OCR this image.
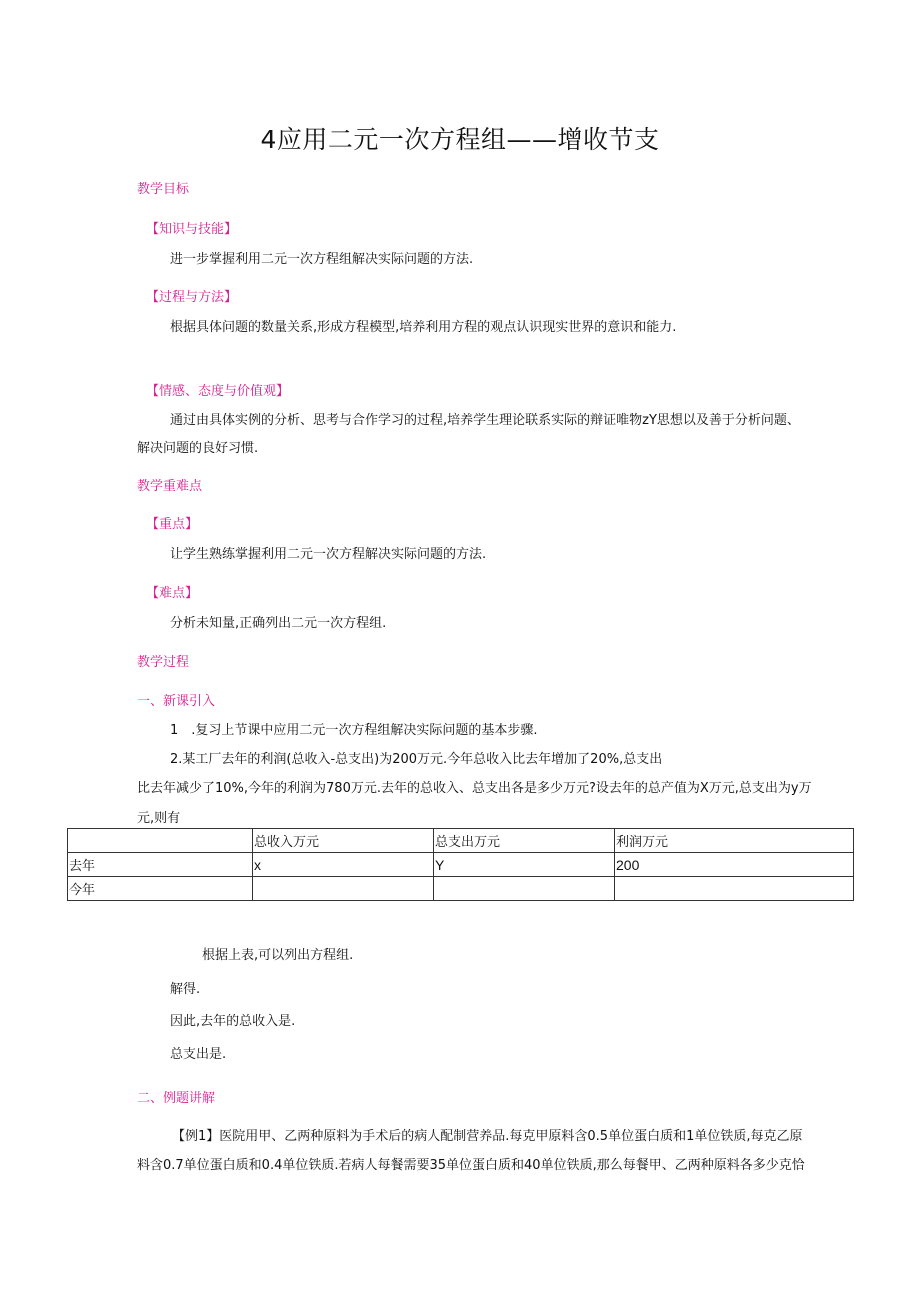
4应用二元一次方程组——增收节支
教学目标
【知识与技能】
进一步掌握利用二元一次方程组解决实际问题的方法.
【过程与方法】
根据具体问题的数量关系,形成方程模型,培养利用方程的观点认识现实世界的意识和能力.
【情感、态度与价值观】
通过由具体实例的分析、思考与合作学习的过程,培养学生理论联系实际的辩证唯物zY思想以及善于分析问题、
解决问题的良好习惯.
教学重难点
【重点】
让学生熟练掌握利用二元一次方程解决实际问题的方法.
【难点】
分析未知量,正确列出二元一次方程组.
教学过程
一、新课引入
1　.复习上节课中应用二元一次方程组解决实际问题的基本步骤.
2.某工厂去年的利润(总收入-总支出)为200万元.今年总收入比去年增加了20%,总支出
比去年减少了10%,今年的利润为780万元.去年的总收入、总支出各是多少万元?设去年的总产值为X万元,总支出为y万
元,则有
	总收入万元	总支出万元	利润万元
去年	x	Y	200
今年			
根据上表,可以列出方程组.
解得.
因此,去年的总收入是.
总支出是.
二、例题讲解
【例1】医院用甲、乙两种原料为手术后的病人配制营养品.每克甲原料含0.5单位蛋白质和1单位铁质,每克乙原
料含0.7单位蛋白质和0.4单位铁质.若病人每餐需要35单位蛋白质和40单位铁质,那么每餐甲、乙两种原料各多少克恰
